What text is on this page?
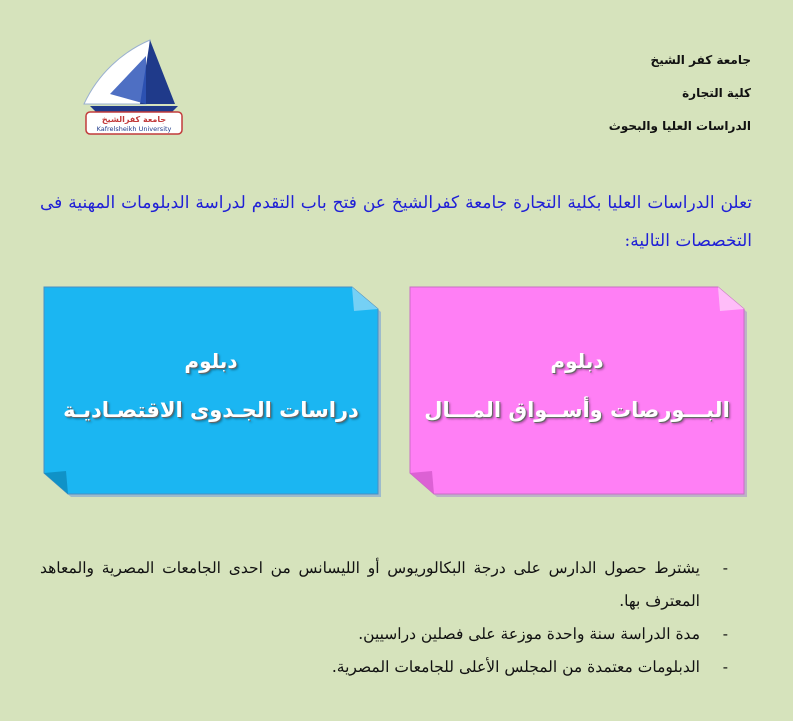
جامعة كفرالشيخ
Kafrelsheikh University
جامعة كفر الشيخ
كلية التجارة
الدراسات العليا والبحوث
تعلن الدراسات العليا بكلية التجارة جامعة كفرالشيخ عن فتح باب التقدم لدراسة الدبلومات المهنية فى التخصصات التالية:
دبلوم
دراسات الجـدوى الاقتصـاديـة
دبلوم
البـــورصات وأســواق المـــال
-
يشترط حصول الدارس على درجة البكالوريوس أو الليسانس من احدى الجامعات المصرية والمعاهد المعترف بها.
-
مدة الدراسة سنة واحدة موزعة على فصلين دراسيين.
-
الدبلومات معتمدة من المجلس الأعلى للجامعات المصرية.
